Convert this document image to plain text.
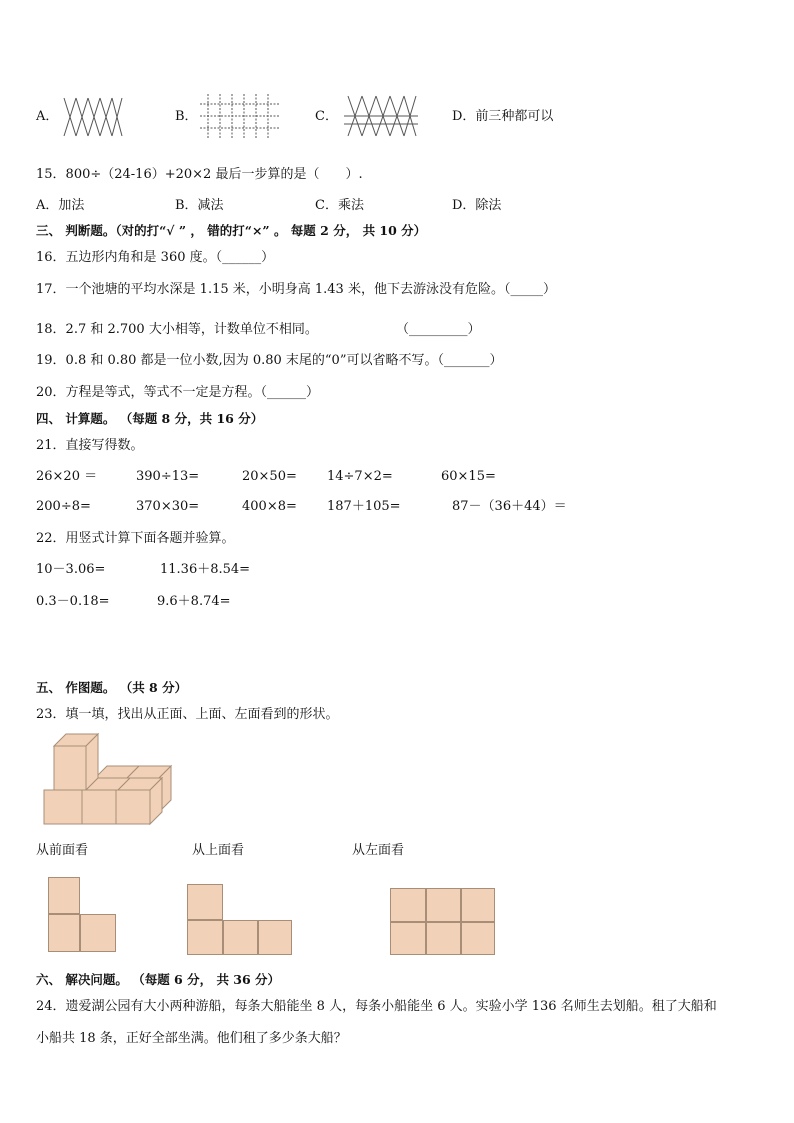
A．	B．	C．	D．前三种都可以
15．800÷（24-16）+20×2 最后一步算的是（　　）.
A．加法	B．减法	C．乘法	D．除法
三、 判断题。（对的打“√ ” ， 错的打“×” 。 每题 2 分， 共 10 分）
16．五边形内角和是 360 度。（______）
17．一个池塘的平均水深是 1.15 米，小明身高 1.43 米，他下去游泳没有危险。（_____）
18．2.7 和 2.700 大小相等，计数单位不相同。	（_________）
19．0.8 和 0.80 都是一位小数,因为 0.80 末尾的“0”可以省略不写。（_______）
20．方程是等式，等式不一定是方程。（______）
四、 计算题。 （每题 8 分，共 16 分）
21．直接写得数。
26×20 ＝	390÷13=	20×50= 14÷7×2=	60×15=
200÷8=	370×30=	400×8= 187＋105=	87－（36＋44）＝
22．用竖式计算下面各题并验算。
10－3.06=	11.36＋8.54=
0.3－0.18=	9.6＋8.74=
五、 作图题。 （共 8 分）
23．填一填，找出从正面、上面、左面看到的形状。
从前面看	从上面看	从左面看
六、 解决问题。 （每题 6 分， 共 36 分）
24．遗爱湖公园有大小两种游船，每条大船能坐 8 人，每条小船能坐 6 人。实验小学 136 名师生去划船。租了大船和
小船共 18 条，正好全部坐满。他们租了多少条大船？
